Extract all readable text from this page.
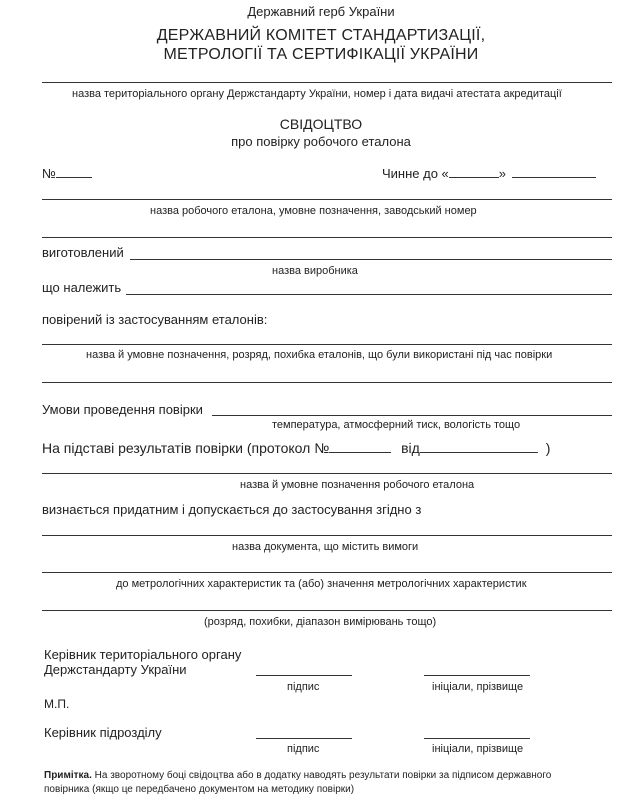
Державний герб України
ДЕРЖАВНИЙ КОМІТЕТ СТАНДАРТИЗАЦІЇ,
МЕТРОЛОГІЇ ТА СЕРТИФІКАЦІЇ УКРАЇНИ
назва територіального органу Держстандарту України, номер і дата видачі атестата акредитації
СВІДОЦТВО
про повірку робочого еталона
№	Чинне до «	»
назва робочого еталона, умовне позначення, заводський номер
виготовлений
назва виробника
що належить
повірений із застосуванням еталонів:
назва й умовне позначення, розряд, похибка еталонів, що були використані під час повірки
Умови проведення повірки
температура, атмосферний тиск, вологість тощо
На підставі результатів повірки (протокол №	від	)
назва й умовне позначення робочого еталона
визнається придатним і допускається до застосування згідно з
назва документа, що містить вимоги
до метрологічних характеристик та (або) значення метрологічних характеристик
(розряд, похибки, діапазон вимірювань тощо)
Керівник територіального органу
Держстандарту України
підпис	ініціали, прізвище
М.П.
Керівник підрозділу
підпис	ініціали, прізвище
Примітка. На зворотному боці свідоцтва або в додатку наводять результати повірки за підписом державного
повірника (якщо це передбачено документом на методику повірки)
